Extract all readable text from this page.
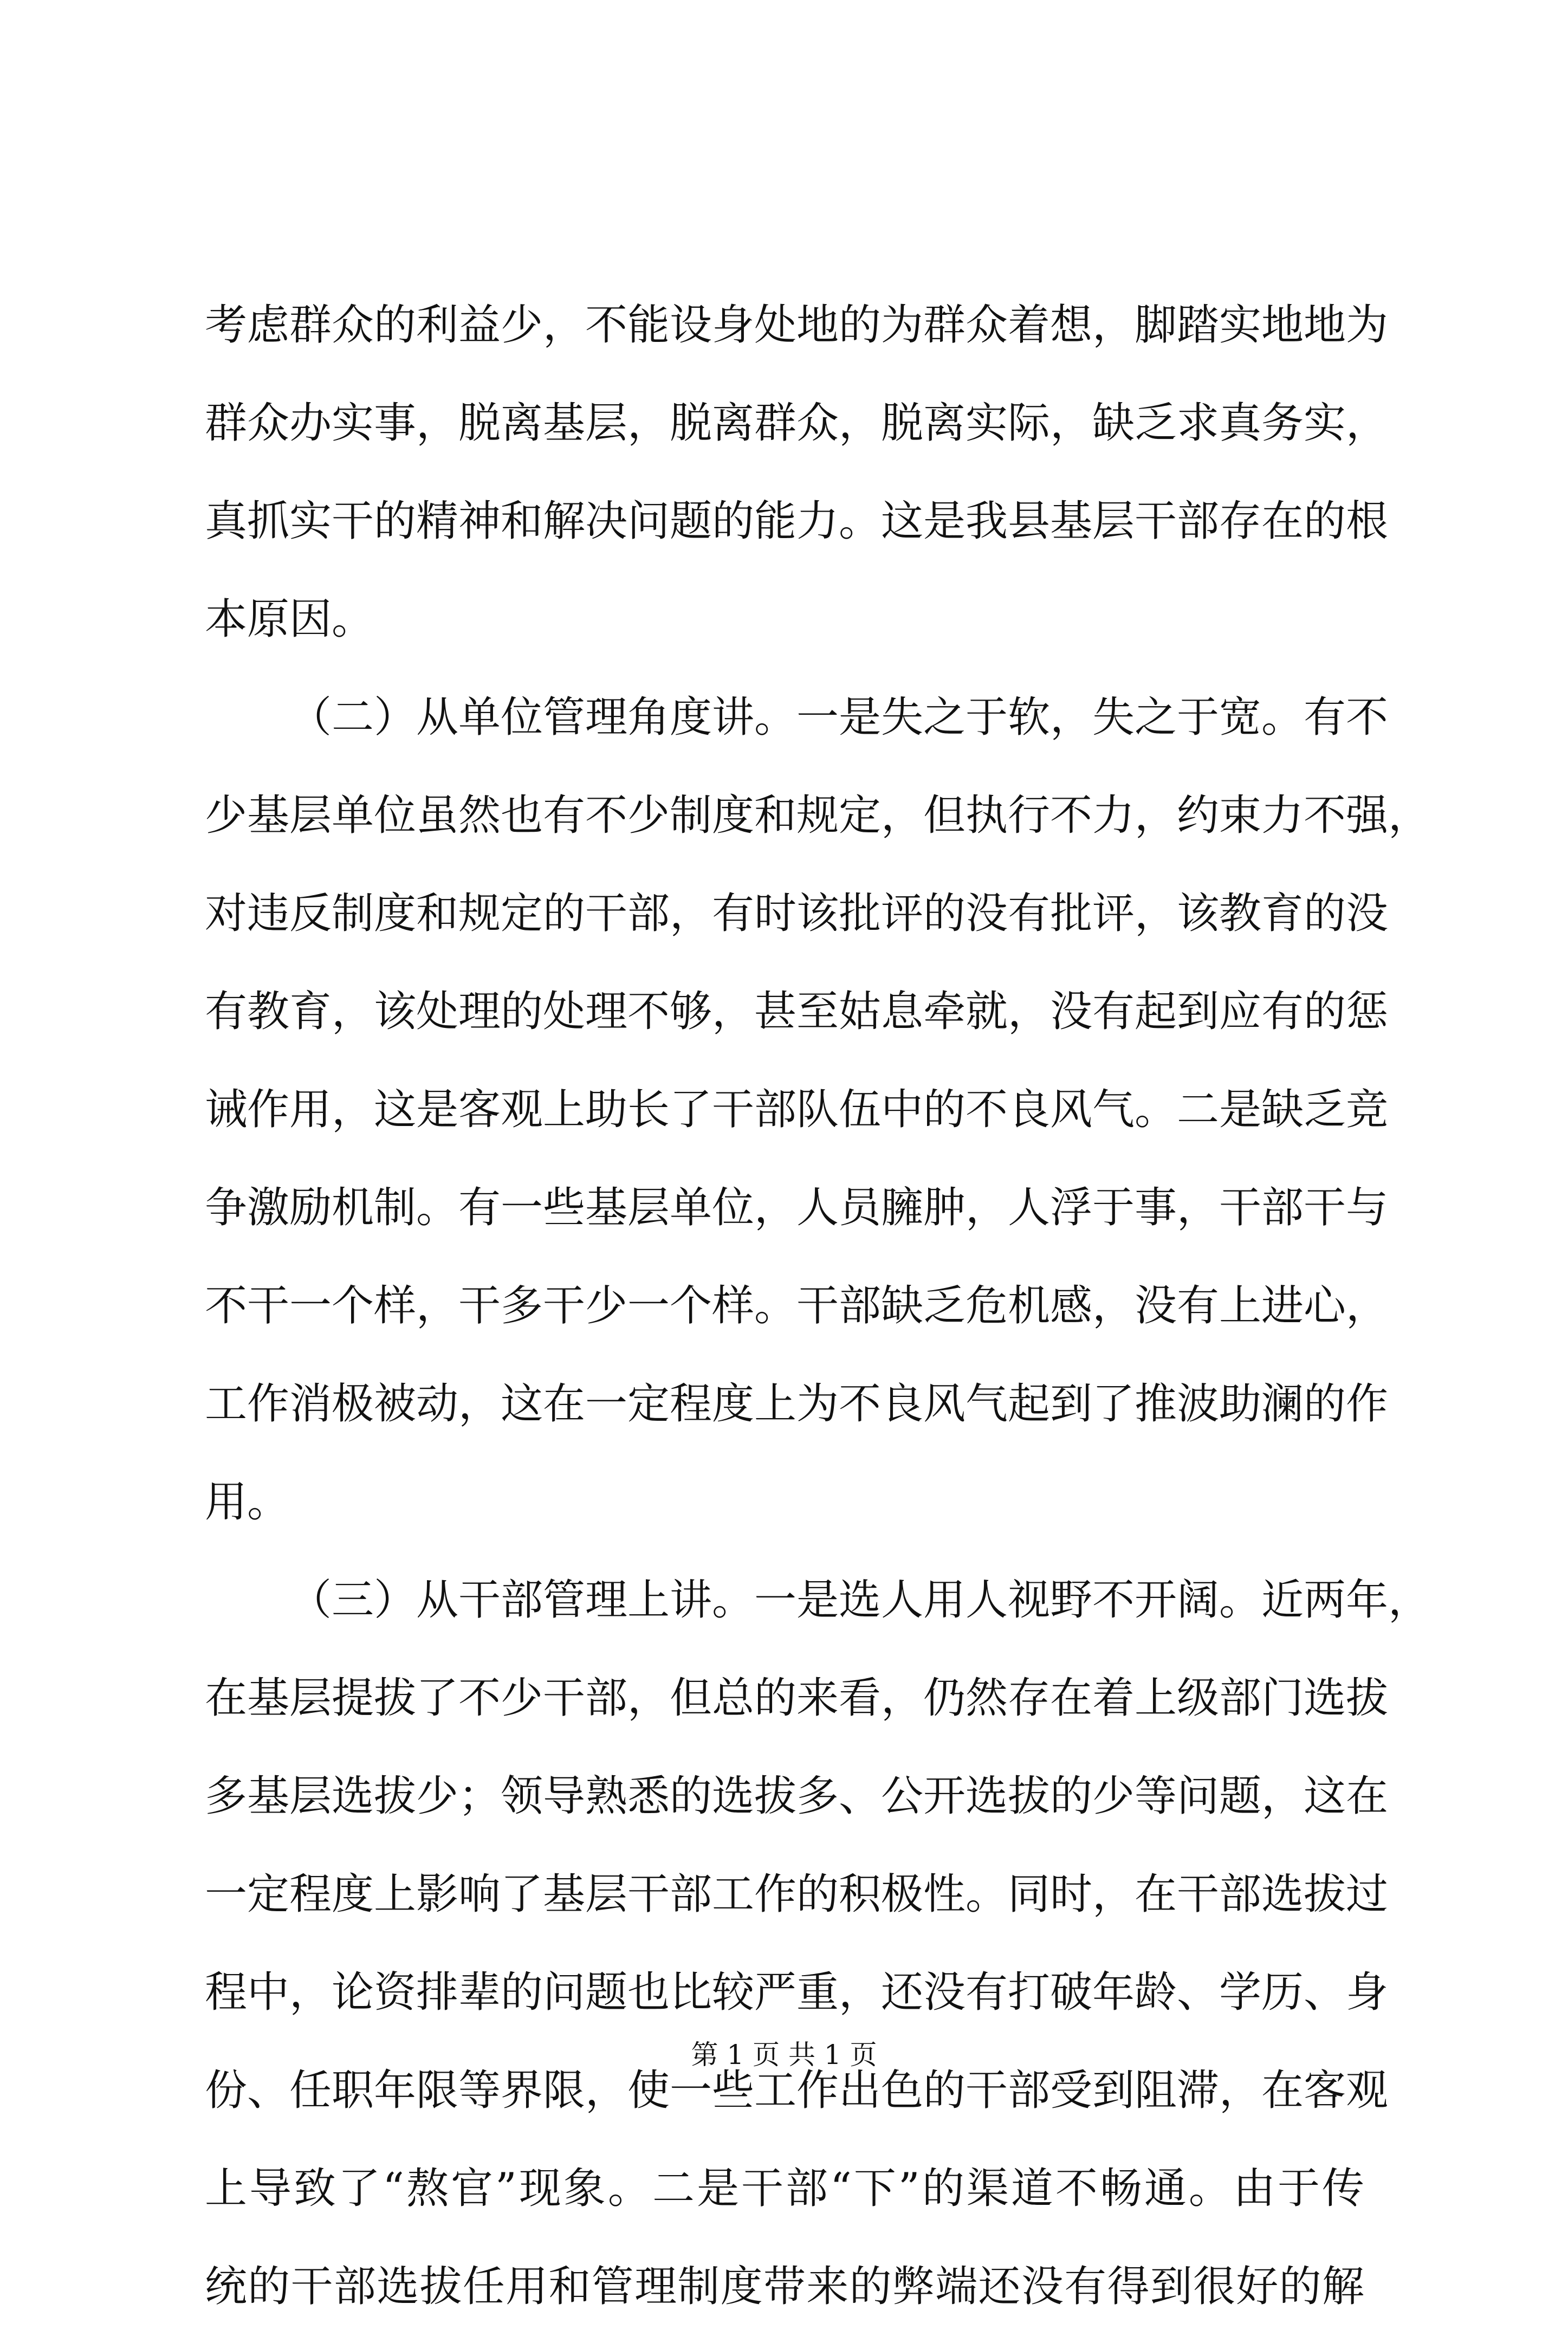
考虑群众的利益少，不能设身处地的为群众着想，脚踏实地地为
群众办实事，脱离基层，脱离群众，脱离实际，缺乏求真务实，
真抓实干的精神和解决问题的能力。这是我县基层干部存在的根
本原因。
（二）从单位管理角度讲。一是失之于软，失之于宽。有不
少基层单位虽然也有不少制度和规定，但执行不力，约束力不强，
对违反制度和规定的干部，有时该批评的没有批评，该教育的没
有教育，该处理的处理不够，甚至姑息牵就，没有起到应有的惩
诫作用，这是客观上助长了干部队伍中的不良风气。二是缺乏竞
争激励机制。有一些基层单位，人员臃肿，人浮于事，干部干与
不干一个样，干多干少一个样。干部缺乏危机感，没有上进心，
工作消极被动，这在一定程度上为不良风气起到了推波助澜的作
用。
（三）从干部管理上讲。一是选人用人视野不开阔。近两年，
在基层提拔了不少干部，但总的来看，仍然存在着上级部门选拔
多基层选拔少；领导熟悉的选拔多、公开选拔的少等问题，这在
一定程度上影响了基层干部工作的积极性。同时，在干部选拔过
程中，论资排辈的问题也比较严重，还没有打破年龄、学历、身
份、任职年限等界限，使一些工作出色的干部受到阻滞，在客观
上导致了“熬官”现象。二是干部“下”的渠道不畅通。由于传
统的干部选拔任用和管理制度带来的弊端还没有得到很好的解
第 1 页 共 1 页
